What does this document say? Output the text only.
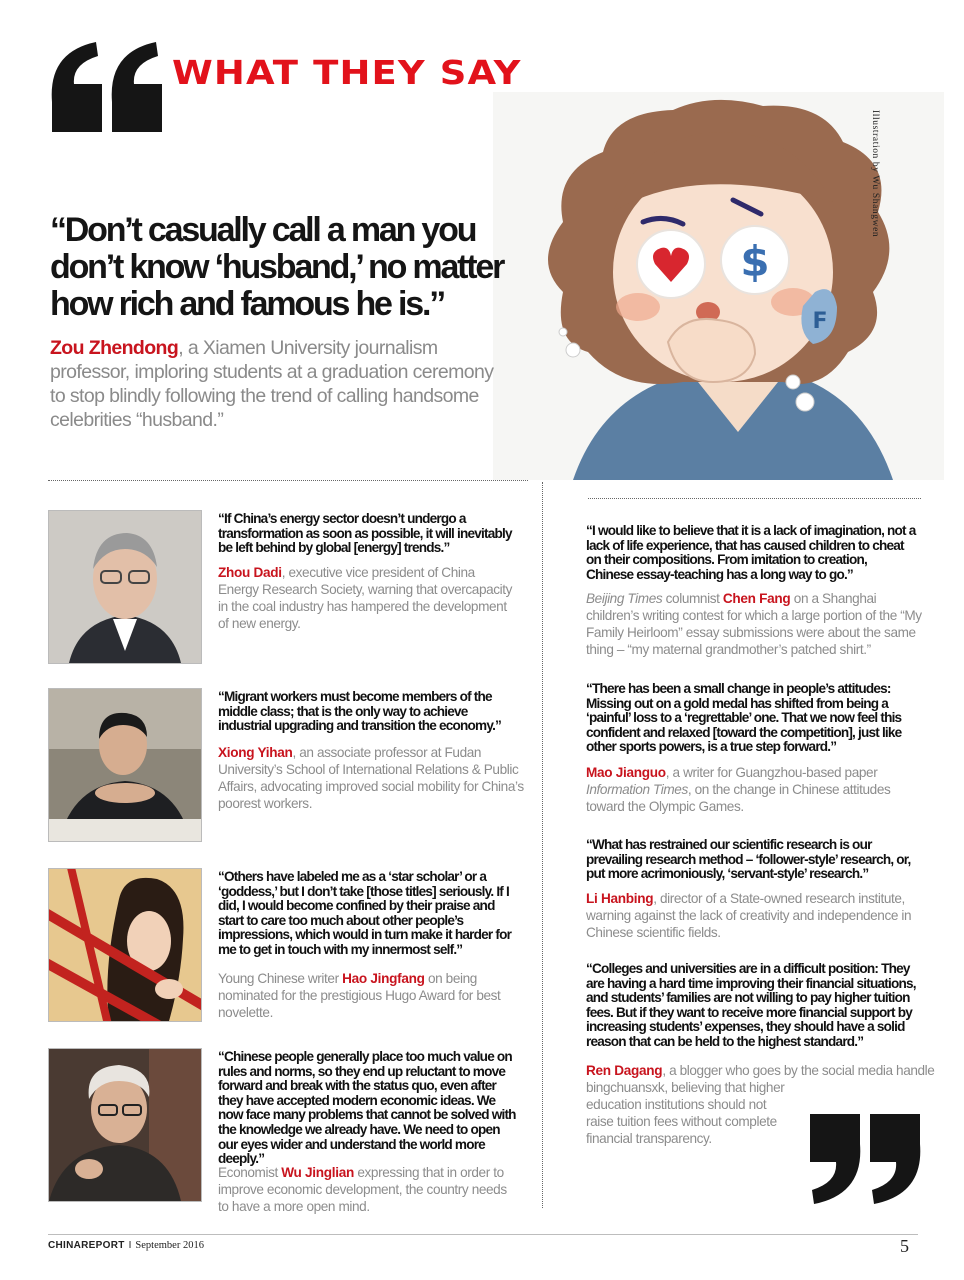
WHAT THEY SAY
$
F
Illustration by Wu Shangwen
“Don’t casually call a man you don’t know ‘husband,’ no matter how rich and famous he is.”
Zou Zhendong, a Xiamen University journalism professor, imploring students at a graduation ceremony to stop blindly following the trend of calling handsome celebrities “husband.”
“If China’s energy sector doesn’t undergo a transformation as soon as possible, it will inevitably be left behind by global [energy] trends.”
Zhou Dadi, executive vice president of China Energy Research Society, warning that overcapacity in the coal industry has hampered the development of new energy.
“Migrant workers must become members of the middle class; that is the only way to achieve industrial upgrading and transition the economy.”
Xiong Yihan, an associate professor at Fudan University’s School of International Relations & Public Affairs, advocating improved social mobility for China’s poorest workers.
“Others have labeled me as a ‘star scholar’ or a ‘goddess,’ but I don’t take [those titles] seriously. If I did, I would become confined by their praise and start to care too much about other people’s impressions, which would in turn make it harder for me to get in touch with my innermost self.”
Young Chinese writer Hao Jingfang on being nominated for the prestigious Hugo Award for best novelette.
“Chinese people generally place too much value on rules and norms, so they end up reluctant to move forward and break with the status quo, even after they have accepted modern economic ideas. We now face many problems that cannot be solved with the knowledge we already have. We need to open our eyes wider and understand the world more deeply.”
Economist Wu Jinglian expressing that in order to improve economic development, the country needs to have a more open mind.
“I would like to believe that it is a lack of imagination, not a lack of life experience, that has caused children to cheat on their compositions. From imitation to creation, Chinese essay-teaching has a long way to go.”
Beijing Times columnist Chen Fang on a Shanghai children’s writing contest for which a large portion of the “My Family Heirloom” essay submissions were about the same thing – “my maternal grandmother’s patched shirt.”
“There has been a small change in people’s attitudes: Missing out on a gold medal has shifted from being a ‘painful’ loss to a ‘regrettable’ one. That we now feel this confident and relaxed [toward the competition], just like other sports powers, is a true step forward.”
Mao Jianguo, a writer for Guangzhou-based paper Information Times, on the change in Chinese attitudes toward the Olympic Games.
“What has restrained our scientific research is our prevailing research method – ‘follower-style’ research, or, put more acrimoniously, ‘servant-style’ research.”
Li Hanbing, director of a State-owned research institute, warning against the lack of creativity and independence in Chinese scientific fields.
“Colleges and universities are in a difficult position: They are having a hard time improving their financial situations, and students’ families are not willing to pay higher tuition fees. But if they want to receive more financial support by increasing students’ expenses, they should have a solid reason that can be held to the highest standard.”
Ren Dagang, a blogger who goes by the social media handle
bingchuansxk, believing that higher education institutions should not raise tuition fees without complete financial transparency.
CHINAREPORT I September 2016	5
